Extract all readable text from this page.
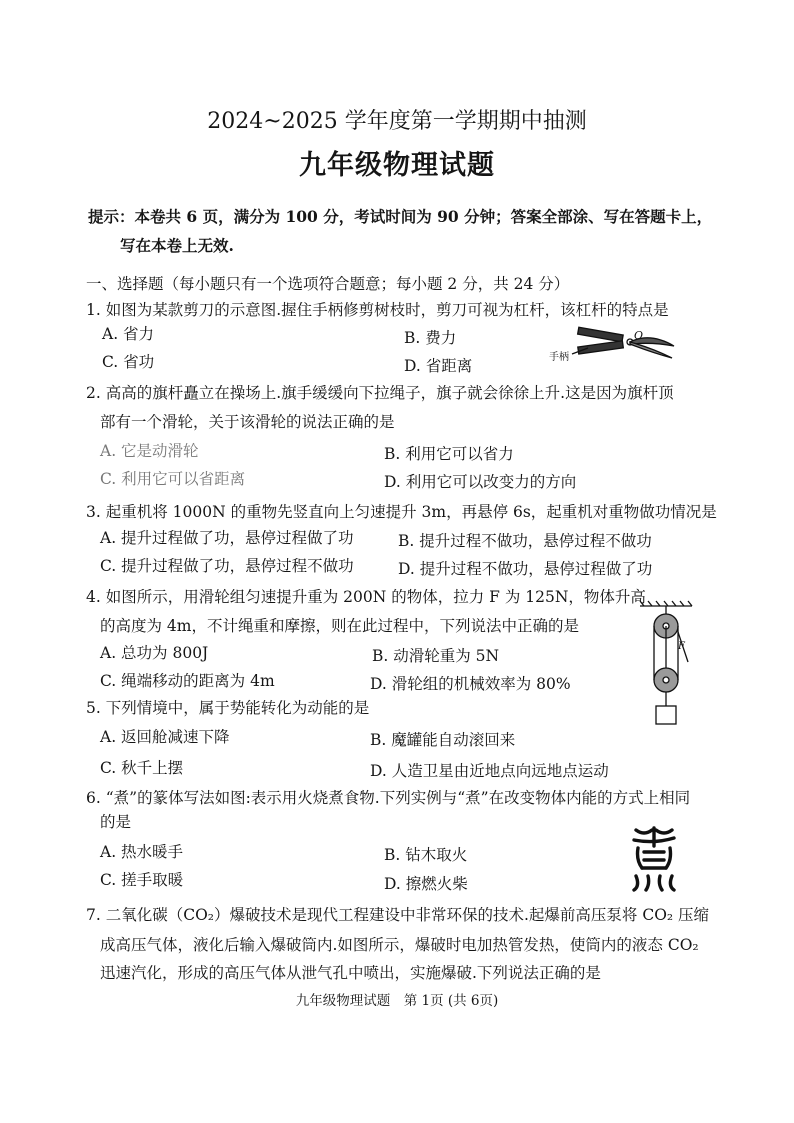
2024~2025 学年度第一学期期中抽测
九年级物理试题
提示：本卷共 6 页，满分为 100 分，考试时间为 90 分钟；答案全部涂、写在答题卡上，
写在本卷上无效.
一、选择题（每小题只有一个选项符合题意；每小题 2 分，共 24 分）
1. 如图为某款剪刀的示意图.握住手柄修剪树枝时，剪刀可视为杠杆，该杠杆的特点是
A. 省力	B. 费力
C. 省功	D. 省距离	手柄
O
2. 高高的旗杆矗立在操场上.旗手缓缓向下拉绳子，旗子就会徐徐上升.这是因为旗杆顶
部有一个滑轮，关于该滑轮的说法正确的是
A. 它是动滑轮	B. 利用它可以省力
C. 利用它可以省距离	D. 利用它可以改变力的方向
3. 起重机将 1000N 的重物先竖直向上匀速提升 3m，再悬停 6s，起重机对重物做功情况是
A. 提升过程做了功，悬停过程做了功	B. 提升过程不做功，悬停过程不做功
C. 提升过程做了功，悬停过程不做功	D. 提升过程不做功，悬停过程做了功
4. 如图所示，用滑轮组匀速提升重为 200N 的物体，拉力 F 为 125N，物体升高
的高度为 4m，不计绳重和摩擦，则在此过程中，下列说法中正确的是
A. 总功为 800J	B. 动滑轮重为 5N
C. 绳端移动的距离为 4m	D. 滑轮组的机械效率为 80%
F
5. 下列情境中，属于势能转化为动能的是
A. 返回舱减速下降	B. 魔罐能自动滚回来
C. 秋千上摆	D. 人造卫星由近地点向远地点运动
6. “煮”的篆体写法如图:表示用火烧煮食物.下列实例与“煮”在改变物体内能的方式上相同
的是
A. 热水暖手	B. 钻木取火
C. 搓手取暖	D. 擦燃火柴
7. 二氧化碳（CO₂）爆破技术是现代工程建设中非常环保的技术.起爆前高压泵将 CO₂ 压缩
成高压气体，液化后输入爆破筒内.如图所示，爆破时电加热管发热，使筒内的液态 CO₂
迅速汽化，形成的高压气体从泄气孔中喷出，实施爆破.下列说法正确的是
九年级物理试题　第 1页 (共 6页)
